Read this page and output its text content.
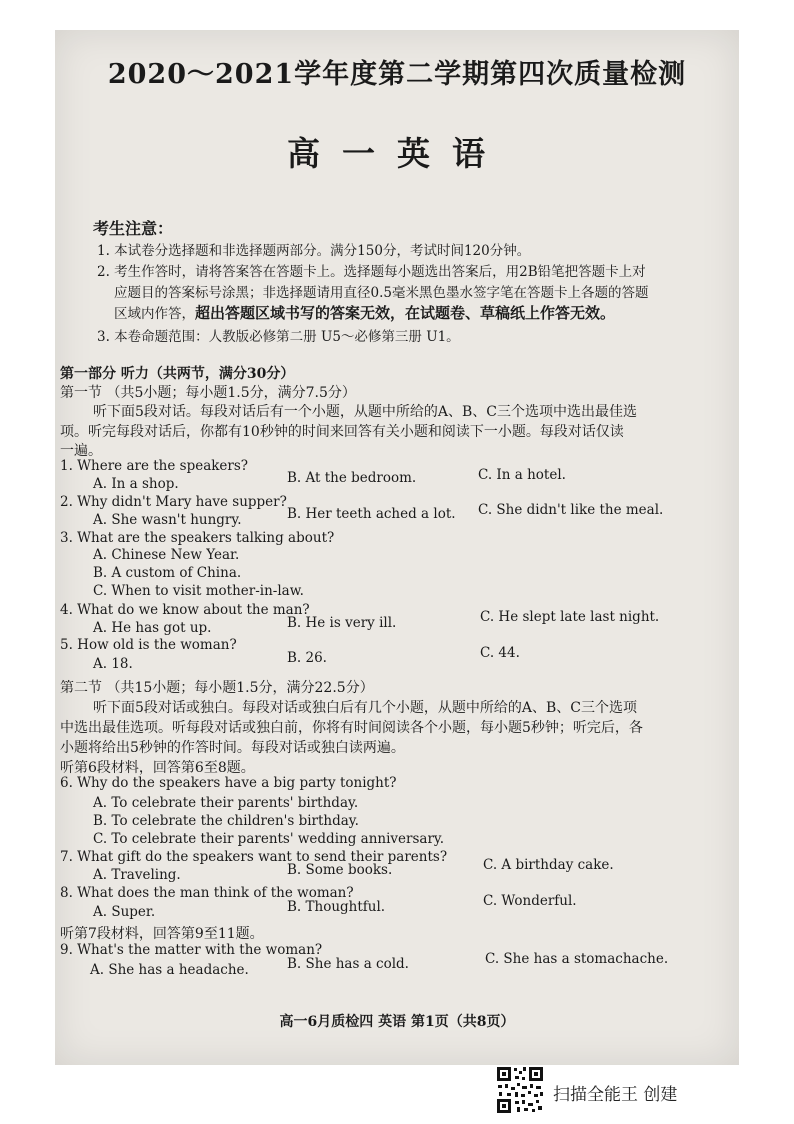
2020～2021学年度第二学期第四次质量检测
高一英语
考生注意：
1. 本试卷分选择题和非选择题两部分。满分150分，考试时间120分钟。
2. 考生作答时，请将答案答在答题卡上。选择题每小题选出答案后，用2B铅笔把答题卡上对
应题目的答案标号涂黑；非选择题请用直径0.5毫米黑色墨水签字笔在答题卡上各题的答题
区域内作答，超出答题区域书写的答案无效，在试题卷、草稿纸上作答无效。
3. 本卷命题范围：人教版必修第二册 U5～必修第三册 U1。
第一部分 听力（共两节，满分30分）
第一节 （共5小题；每小题1.5分，满分7.5分）
听下面5段对话。每段对话后有一个小题，从题中所给的A、B、C三个选项中选出最佳选
项。听完每段对话后，你都有10秒钟的时间来回答有关小题和阅读下一小题。每段对话仅读
一遍。
1. Where are the speakers?
A. In a shop.	B. At the bedroom.	C. In a hotel.
2. Why didn't Mary have supper?
A. She wasn't hungry.	B. Her teeth ached a lot. C. She didn't like the meal.
3. What are the speakers talking about?
A. Chinese New Year.
B. A custom of China.
C. When to visit mother-in-law.
4. What do we know about the man?
A. He has got up.	B. He is very ill.	C. He slept late last night.
5. How old is the woman?
A. 18.	B. 26.	C. 44.
第二节 （共15小题；每小题1.5分，满分22.5分）
听下面5段对话或独白。每段对话或独白后有几个小题，从题中所给的A、B、C三个选项
中选出最佳选项。听每段对话或独白前，你将有时间阅读各个小题，每小题5秒钟；听完后，各
小题将给出5秒钟的作答时间。每段对话或独白读两遍。
听第6段材料，回答第6至8题。
6. Why do the speakers have a big party tonight?
A. To celebrate their parents' birthday.
B. To celebrate the children's birthday.
C. To celebrate their parents' wedding anniversary.
7. What gift do the speakers want to send their parents?
A. Traveling.	B. Some books.	C. A birthday cake.
8. What does the man think of the woman?
A. Super.	B. Thoughtful.	C. Wonderful.
听第7段材料，回答第9至11题。
9. What's the matter with the woman?
A. She has a headache.	B. She has a cold.	C. She has a stomachache.
高一6月质检四 英语 第1页（共8页）
扫描全能王 创建
